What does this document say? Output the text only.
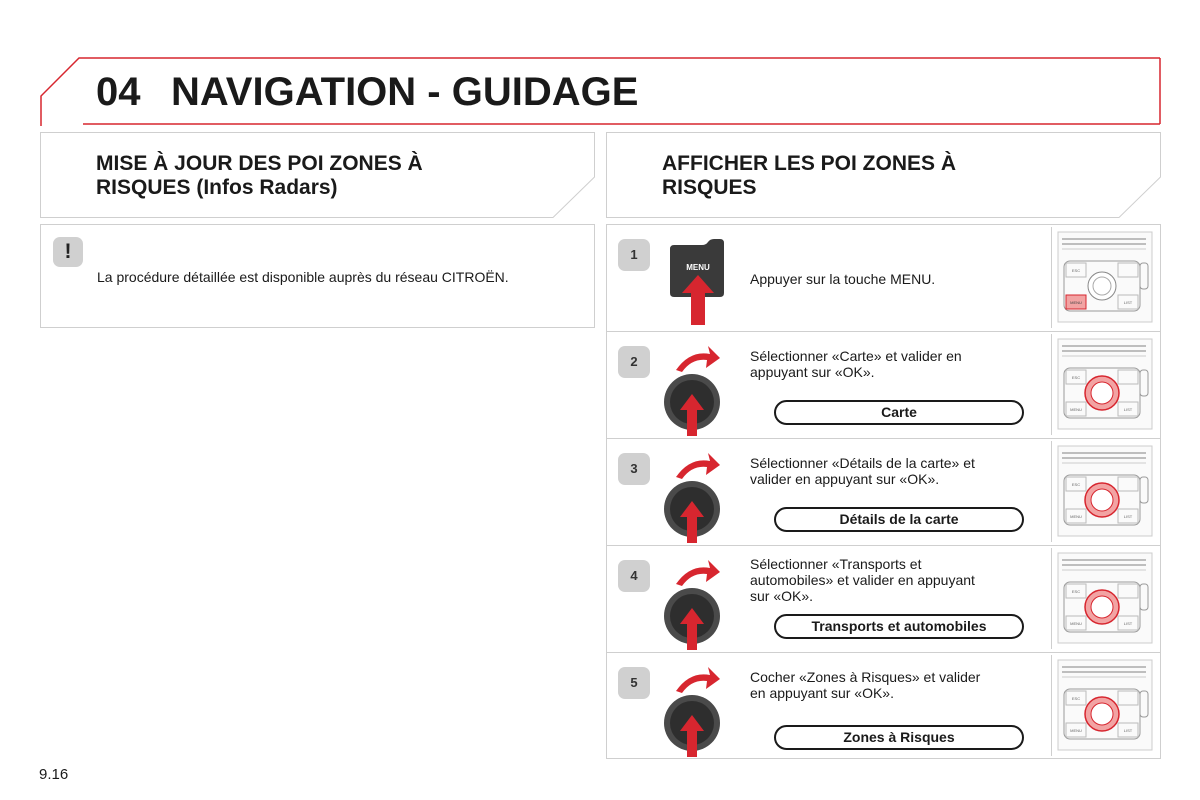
04 NAVIGATION - GUIDAGE
MISE À JOUR DES POI ZONES À
RISQUES (Infos Radars)
AFFICHER LES POI ZONES À
RISQUES
!
La procédure détaillée est disponible auprès du réseau CITROËN.
1
MENU
Appuyer sur la touche MENU.
ESC
MENU	LIST
2	Sélectionner «Carte» et valider en
appuyant sur «OK».
Carte
ESC
MENU	LIST
3	Sélectionner «Détails de la carte» et
valider en appuyant sur «OK».
Détails de la carte
ESC
MENU	LIST
4
Sélectionner «Transports et
automobiles» et valider en appuyant
sur «OK».
Transports et automobiles
ESC
MENU	LIST
5	Cocher «Zones à Risques» et valider
en appuyant sur «OK».
Zones à Risques
ESC
MENU	LIST
9.16
